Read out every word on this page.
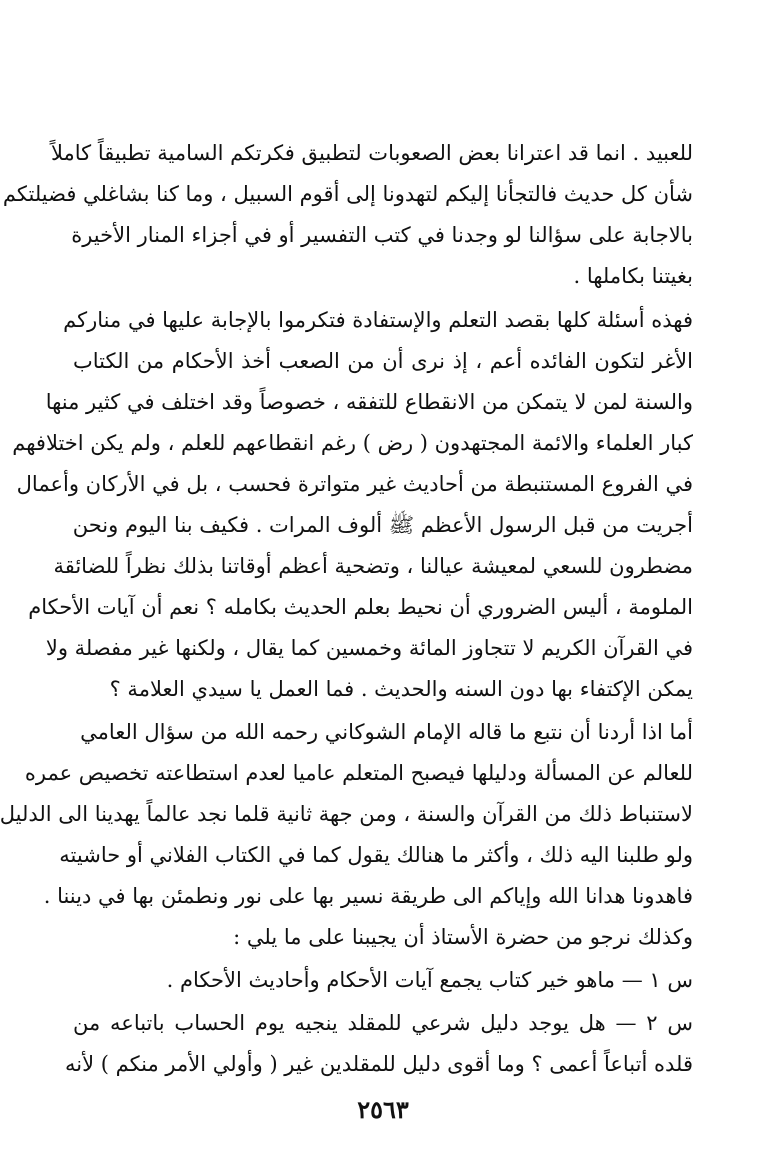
للعبيد . انما قد اعترانا بعض الصعوبات لتطبيق فكرتكم السامية تطبيقاً كاملاً
شأن كل حديث فالتجأنا إليكم لتهدونا إلى أقوم السبيل ، وما كنا بشاغلي فضيلتكم
بالاجابة على سؤالنا لو وجدنا في كتب التفسير أو في أجزاء المنار الأخيرة
بغيتنا بكاملها .
فهذه أسئلة كلها بقصد التعلم والإستفادة فتكرموا بالإجابة عليها في منارکم
الأغر لتكون الفائده أعم ، إذ نرى أن من الصعب أخذ الأحكام من الكتاب
والسنة لمن لا يتمكن من الانقطاع للتفقه ، خصوصاً وقد اختلف في كثير منها
كبار العلماء والائمة المجتهدون ( رض ) رغم انقطاعهم للعلم ، ولم يكن اختلافهم
في الفروع المستنبطة من أحاديث غير متواترة فحسب ، بل في الأركان وأعمال
أجريت من قبل الرسول الأعظم ﷺ ألوف المرات . فكيف بنا اليوم ونحن
مضطرون للسعي لمعيشة عيالنا ، وتضحية أعظم أوقاتنا بذلك نظراً للضائقة
الملومة ، أليس الضروري أن نحيط بعلم الحديث بكامله ؟ نعم أن آيات الأحكام
في القرآن الكريم لا تتجاوز المائة وخمسين كما يقال ، ولكنها غير مفصلة ولا
يمكن الإكتفاء بها دون السنه والحديث . فما العمل يا سيدي العلامة ؟
أما اذا أردنا أن نتبع ما قاله الإمام الشوكاني رحمه الله من سؤال العامي
للعالم عن المسألة ودليلها فيصبح المتعلم عاميا لعدم استطاعته تخصيص عمره
لاستنباط ذلك من القرآن والسنة ، ومن جهة ثانية قلما نجد عالماً يهدينا الى الدليل
ولو طلبنا اليه ذلك ، وأكثر ما هنالك يقول كما في الكتاب الفلاني أو حاشيته
فاهدونا هدانا الله وإياكم الى طريقة نسير بها على نور ونطمئن بها في ديننا .
وكذلك نرجو من حضرة الأستاذ أن يجيبنا على ما يلي :
س ١ — ماهو خير كتاب يجمع آيات الأحكام وأحاديث الأحكام .
س ٢ — هل يوجد دليل شرعي للمقلد ينجيه يوم الحساب باتباعه من
قلده أتباعاً أعمى ؟ وما أقوى دليل للمقلدين غير ( وأولي الأمر منكم ) لأنه
٢٥٦٣
